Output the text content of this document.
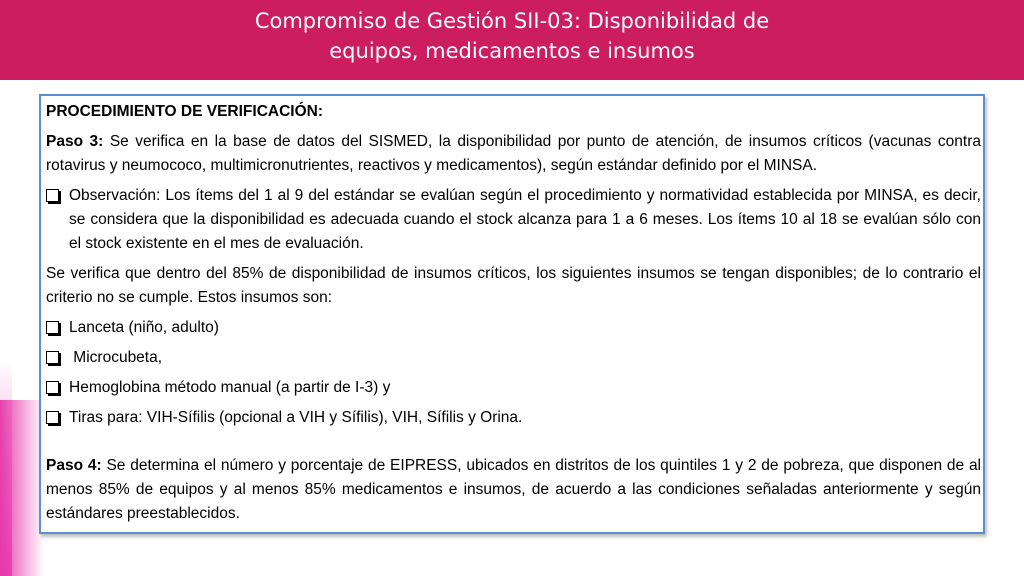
Compromiso de Gestión SII-03: Disponibilidad de
equipos, medicamentos e insumos

PROCEDIMIENTO DE VERIFICACIÓN:

Paso 3: Se verifica en la base de datos del SISMED, la disponibilidad por punto de atención, de insumos críticos (vacunas contra rotavirus y neumococo, multimicronutrientes, reactivos y medicamentos), según estándar definido por el MINSA.

Observación: Los ítems del 1 al 9 del estándar se evalúan según el procedimiento y normatividad establecida por MINSA, es decir, se considera que la disponibilidad es adecuada cuando el stock alcanza para 1 a 6 meses. Los ítems 10 al 18 se evalúan sólo con el stock existente en el mes de evaluación.

Se verifica que dentro del 85% de disponibilidad de insumos críticos, los siguientes insumos se tengan disponibles; de lo contrario el criterio no se cumple. Estos insumos son:

Lanceta (niño, adulto)
Microcubeta,
Hemoglobina método manual (a partir de I-3) y
Tiras para: VIH-Sífilis (opcional a VIH y Sífilis), VIH, Sífilis y Orina.

Paso 4: Se determina el número y porcentaje de EIPRESS, ubicados en distritos de los quintiles 1 y 2 de pobreza, que disponen de al menos 85% de equipos y al menos 85% medicamentos e insumos, de acuerdo a las condiciones señaladas anteriormente y según estándares preestablecidos.
